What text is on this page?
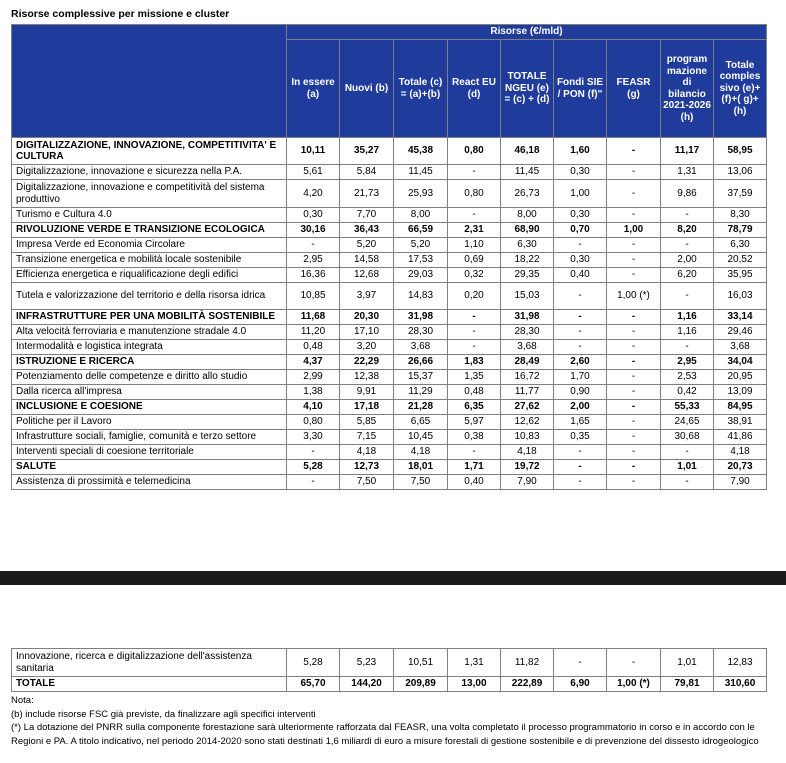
Risorse complessive per missione e cluster
	Risorse (€/mld)								
	In essere (a)	Nuovi (b)	Totale (c) = (a)+(b)	React EU (d)	TOTALE NGEU (e) = (c) + (d)	Fondi SIE / PON (f)"	FEASR (g)	program mazione di bilancio 2021-2026 (h)	Totale comples sivo (e)+(f)+( g)+(h)
DIGITALIZZAZIONE, INNOVAZIONE, COMPETITIVITA' E CULTURA	10,11	35,27	45,38	0,80	46,18	1,60	-	11,17	58,95
Digitalizzazione, innovazione e sicurezza nella P.A.	5,61	5,84	11,45	-	11,45	0,30	-	1,31	13,06
Digitalizzazione, innovazione e competitività del sistema produttivo	4,20	21,73	25,93	0,80	26,73	1,00	-	9,86	37,59
Turismo e Cultura 4.0	0,30	7,70	8,00	-	8,00	0,30	-	-	8,30
RIVOLUZIONE VERDE E TRANSIZIONE ECOLOGICA	30,16	36,43	66,59	2,31	68,90	0,70	1,00	8,20	78,79
Impresa Verde ed Economia Circolare	-	5,20	5,20	1,10	6,30	-	-	-	6,30
Transizione energetica e mobilità locale sostenibile	2,95	14,58	17,53	0,69	18,22	0,30	-	2,00	20,52
Efficienza energetica e riqualificazione degli edifici	16,36	12,68	29,03	0,32	29,35	0,40	-	6,20	35,95
Tutela e valorizzazione del territorio e della risorsa idrica	10,85	3,97	14,83	0,20	15,03	-	1,00 (*)	-	16,03
INFRASTRUTTURE PER UNA MOBILITÀ SOSTENIBILE	11,68	20,30	31,98	-	31,98	-	-	1,16	33,14
Alta velocità ferroviaria e manutenzione stradale 4.0	11,20	17,10	28,30	-	28,30	-	-	1,16	29,46
Intermodalità e logistica integrata	0,48	3,20	3,68	-	3,68	-	-	-	3,68
ISTRUZIONE E RICERCA	4,37	22,29	26,66	1,83	28,49	2,60	-	2,95	34,04
Potenziamento delle competenze e diritto allo studio	2,99	12,38	15,37	1,35	16,72	1,70	-	2,53	20,95
Dalla ricerca all'impresa	1,38	9,91	11,29	0,48	11,77	0,90	-	0,42	13,09
INCLUSIONE E COESIONE	4,10	17,18	21,28	6,35	27,62	2,00	-	55,33	84,95
Politiche per il Lavoro	0,80	5,85	6,65	5,97	12,62	1,65	-	24,65	38,91
Infrastrutture sociali, famiglie, comunità e terzo settore	3,30	7,15	10,45	0,38	10,83	0,35	-	30,68	41,86
Interventi speciali di coesione territoriale	-	4,18	4,18	-	4,18	-	-	-	4,18
SALUTE	5,28	12,73	18,01	1,71	19,72	-	-	1,01	20,73
Assistenza di prossimità e telemedicina	-	7,50	7,50	0,40	7,90	-	-	-	7,90
Innovazione, ricerca e digitalizzazione dell'assistenza sanitaria	5,28	5,23	10,51	1,31	11,82	-	-	1,01	12,83
TOTALE	65,70	144,20	209,89	13,00	222,89	6,90	1,00 (*)	79,81	310,60
Nota:
(b) include risorse FSC già previste, da finalizzare agli specifici interventi
(*) La dotazione del PNRR sulla componente forestazione sarà ulteriormente rafforzata dal FEASR, una volta completato il processo programmatorio in corso e in accordo con le Regioni e PA. A titolo indicativo, nel periodo 2014-2020 sono stati destinati 1,6 miliardi di euro a misure forestali di gestione sostenibile e di prevenzione del dissesto idrogeologico
